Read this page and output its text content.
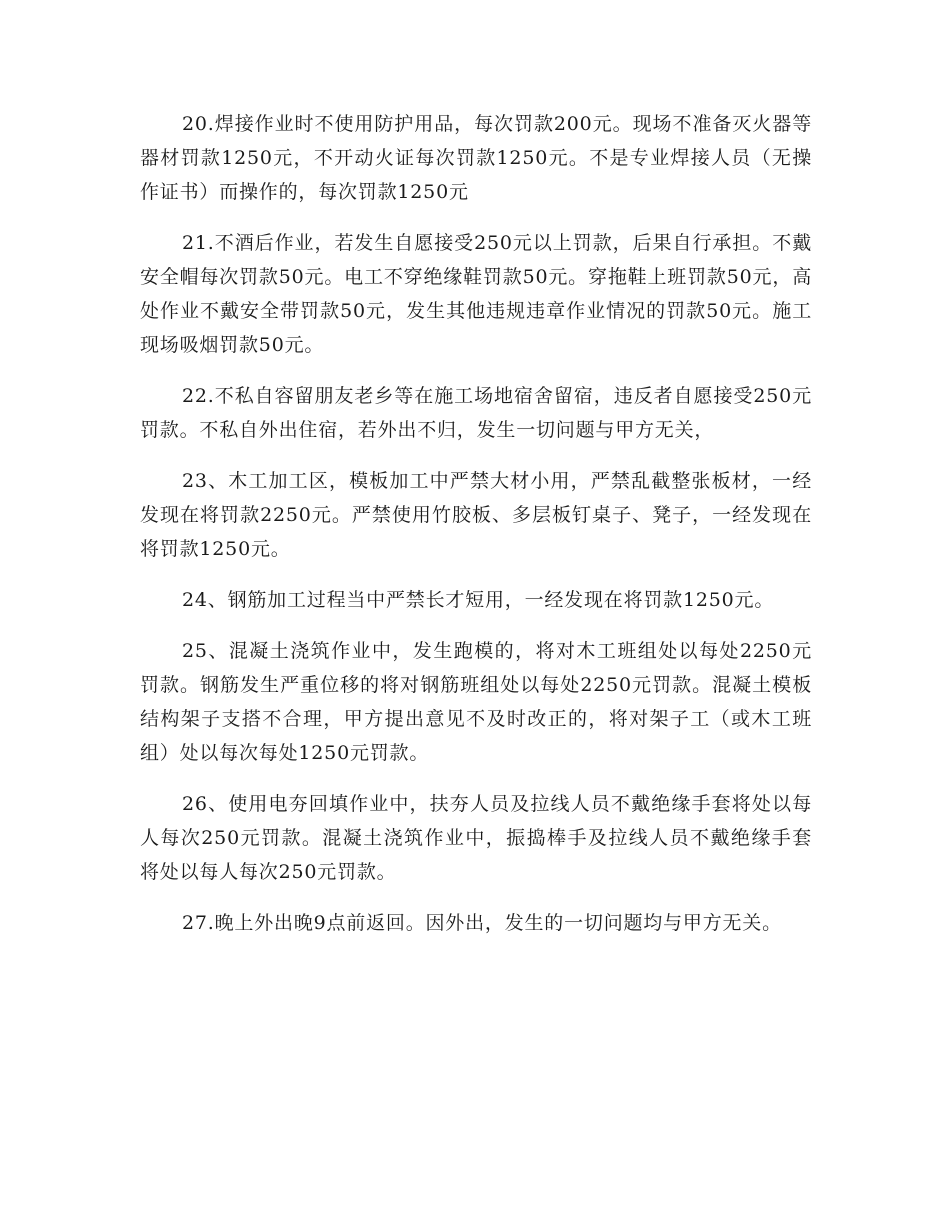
20.焊接作业时不使用防护用品，每次罚款200元。现场不准备灭火器等器材罚款1250元，不开动火证每次罚款1250元。不是专业焊接人员（无操作证书）而操作的，每次罚款1250元

21.不酒后作业，若发生自愿接受250元以上罚款，后果自行承担。不戴安全帽每次罚款50元。电工不穿绝缘鞋罚款50元。穿拖鞋上班罚款50元，高处作业不戴安全带罚款50元，发生其他违规违章作业情况的罚款50元。施工现场吸烟罚款50元。

22.不私自容留朋友老乡等在施工场地宿舍留宿，违反者自愿接受250元罚款。不私自外出住宿，若外出不归，发生一切问题与甲方无关，

23、木工加工区，模板加工中严禁大材小用，严禁乱截整张板材，一经发现在将罚款2250元。严禁使用竹胶板、多层板钉桌子、凳子，一经发现在将罚款1250元。

24、钢筋加工过程当中严禁长才短用，一经发现在将罚款1250元。

25、混凝土浇筑作业中，发生跑模的，将对木工班组处以每处2250元罚款。钢筋发生严重位移的将对钢筋班组处以每处2250元罚款。混凝土模板结构架子支搭不合理，甲方提出意见不及时改正的，将对架子工（或木工班组）处以每次每处1250元罚款。

26、使用电夯回填作业中，扶夯人员及拉线人员不戴绝缘手套将处以每人每次250元罚款。混凝土浇筑作业中，振捣棒手及拉线人员不戴绝缘手套将处以每人每次250元罚款。

27.晚上外出晚9点前返回。因外出，发生的一切问题均与甲方无关。
